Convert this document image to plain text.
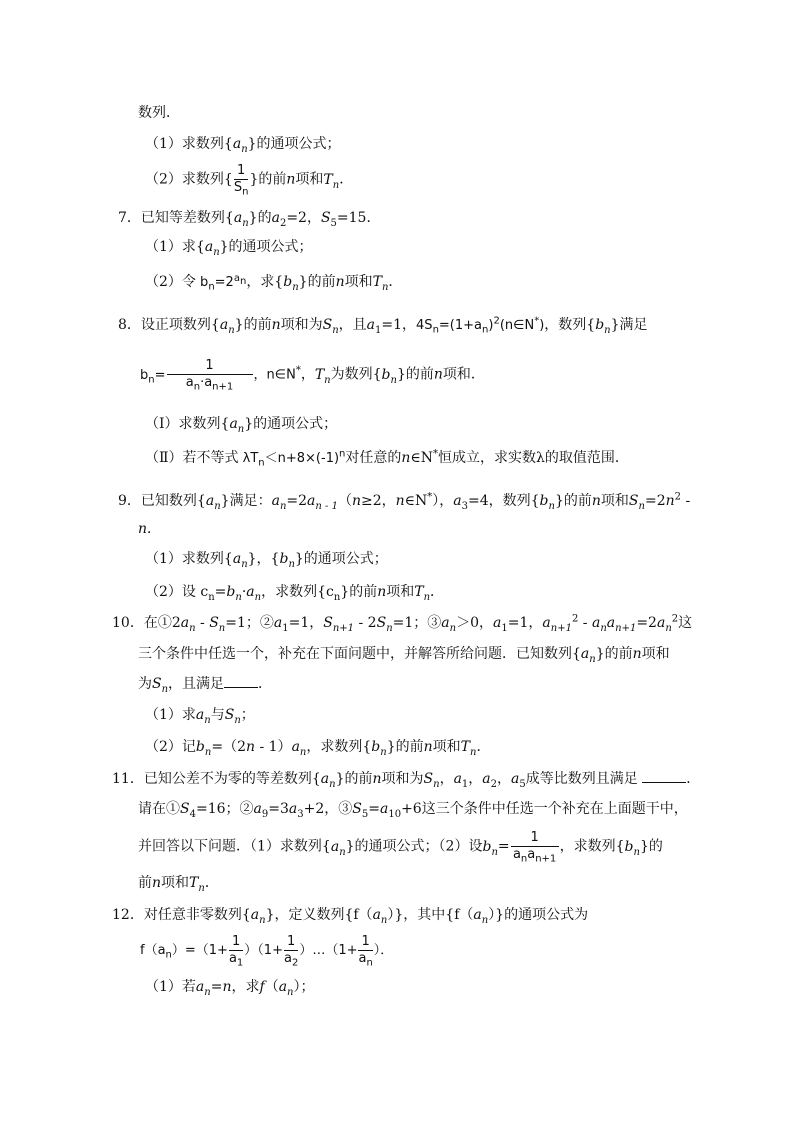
数列．
（1）求数列$\{a_n\}$的通项公式；
（2）求数列{ $\frac{1}{S_n}$ }的前n项和$T_n$．
7．已知等差数列$\{a_n\}$的$a_2=2$，$S_5=15$．
（1）求$\{a_n\}$的通项公式；
（2）令 $b_n=2^{a_n}$，求$\{b_n\}$的前n项和$T_n$．
8．设正项数列$\{a_n\}$的前n项和为$S_n$，且$a_1=1$，$4S_n=(1+a_n)^2(n\in N^*)$，数列$\{b_n\}$满足
$b_n= \frac{1}{a_n\cdot a_{n+1}}$ ，n∈N*，$T_n$为数列$\{b_n\}$的前n项和．
（Ⅰ）求数列$\{a_n\}$的通项公式；
（Ⅱ）若不等式 $\lambda T_n<n+8\times(-1)^n$对任意的n∈N*恒成立，求实数λ的取值范围．
9．已知数列$\{a_n\}$满足：$a_n=2a_{n - 1}(n\ge 2$，n∈N*），$a_3=4$，数列$\{b_n\}$的前n项和$S_n=2n^2$ -
n．
（1）求数列$\{a_n\}$，$\{b_n\}$的通项公式；
（2）设 $c_n=b_n\cdot a_n$，求数列$\{c_n\}$的前n项和$T_n$．
10．在$①2a_n - S_n=1$；$②a_1=1$，$S_{n+1} - 2S_n=1$；$③a_n>0$，$a_1=1$，$a_{n+1}^2 - a_na_{n+1}=2a_n^2$这
三个条件中任选一个，补充在下面问题中，并解答所给问题．已知数列$\{a_n\}$的前n项和
为$S_n$，且满足 ．
（1）求$a_n$与$S_n$；
（2）记$b_n=(2n - 1)a_n$，求数列$\{b_n\}$的前n项和$T_n$．
11．已知公差不为零的等差数列$\{a_n\}$的前n项和为$S_n$，$a_1$，$a_2$，$a_5$成等比数列且满足	．
请在$①S_4=16$；$②a_9=3a_3+2$，$③S_5=a_{10}+6$这三个条件中任选一个补充在上面题干中，
并回答以下问题．（1）求数列$\{a_n\}$的通项公式；（2）设$b_n= \frac{1}{a_na_{n+1}}$ ，求数列$\{b_n\}$的
前n项和$T_n$．
12．对任意非零数列$\{a_n\}$，定义数列$\{f(a_n)\}$，其中$\{f(a_n)\}$的通项公式为
$f(a_n)=(1+ \frac{1}{a_1} )(1+ \frac{1}{a_2}$ ）…（1+ $\frac{1}{a_n}$ ）．
（1）若$a_n=n$，求$f(a_n)$；
